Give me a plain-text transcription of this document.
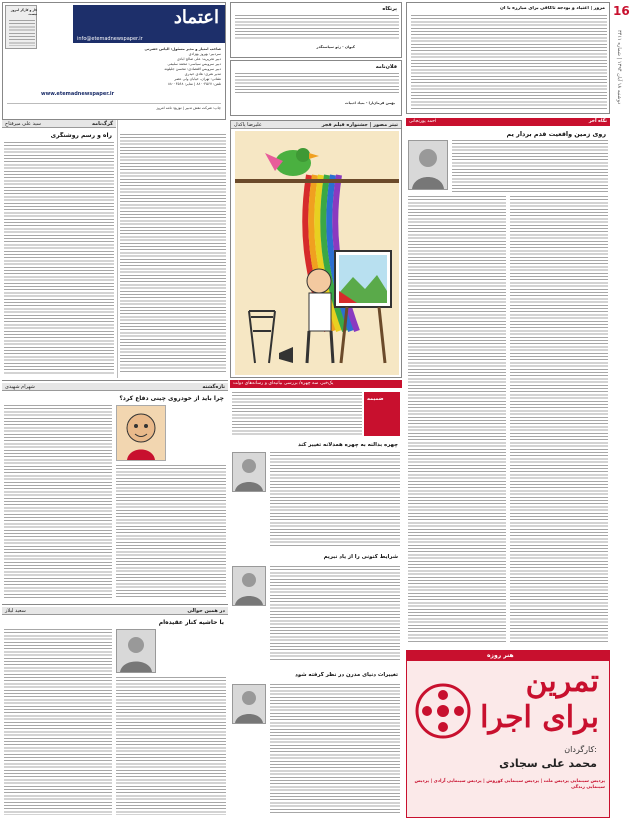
کار و کارگر امروز نیست	اعتماد
info@etemadnewspaper.ir
صاحب امتیاز و مدیر مسئول: الیاس حضرتی
سردبیر: بهروز بهزادی
دبیر تحریریه: علی صالح آبادی
دبیر سرویس سیاسی: محمد سلیمی
دبیر سرویس اقتصادی: محسن جلیلوند
مدیر هنری: هادی حیدری
نشانی: تهران، خیابان ولی عصر
تلفن: ۸۸۰۰۴۵۶۷ | نمابر: ۸۸۰۰۴۵۶۸
www.etemadnewspaper.ir
چاپ: شرکت نقش تدبیر | توزیع: نامه امروز
پرتگاه
کیوان - زئو سیاستگذر
فلان‌نامه
بهمن فرمان‌ارا - بنیاد ادبیات
مرور | اعتیاد و بودجه تاکافی برای مبارزه با آن 16
دوشنبه ۱۸ آبان ۱۳۹۴ | شماره ۳۴۱۱
گرگ‌نامه
سید علی میرفتاح
راه و رسم روشنگری
تیتر مصور | جشنواره فیلم فجر
علیرضا پاکدل
نگاه آخر
احمد پورنجاتی
روی زمین واقعیت قدم بردار یم
یک‌خبر، سه چهره/ بررسی بیانیه‌ای و رسانه‌های دولت
ضمیمه
چهره بدآلنه به چهره همدلانه تغییر کند
شرایط کنونی را از یاد نبریم
تغییرات دنیای مدرن در نظر گرفته شود
تازه‌گشته
شهرام شهیدی
چرا باید از خودروی چینی دفاع کرد؟
در همین حوالی
سعید لیلاز
با حاشیه کنار عقیده‌ام
هنر روزه
تمرین
برای اجرا
کارگردان:
محمد علی سجادی
پردیس سینمایی پردیس ملت | پردیس سینمایی کوروش | پردیس سینمایی آزادی | پردیس سینمایی زندگی
